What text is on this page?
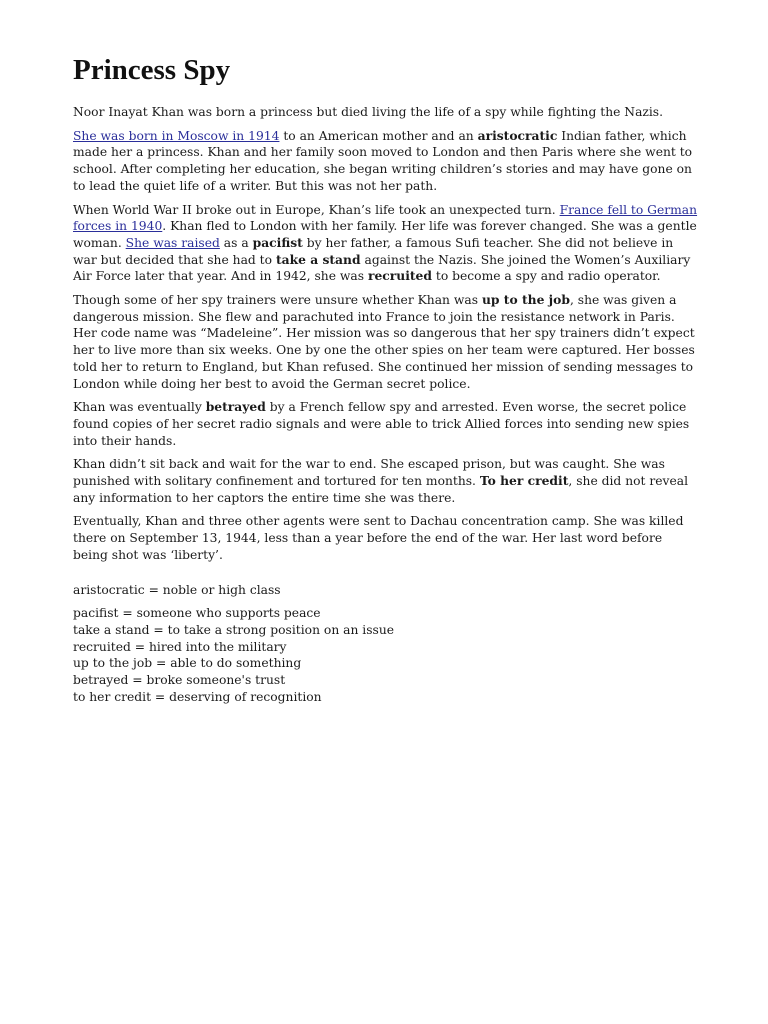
Princess Spy

Noor Inayat Khan was born a princess but died living the life of a spy while fighting the Nazis.

She was born in Moscow in 1914 to an American mother and an aristocratic Indian father, which made her a princess. Khan and her family soon moved to London and then Paris where she went to school. After completing her education, she began writing children’s stories and may have gone on to lead the quiet life of a writer. But this was not her path.

When World War II broke out in Europe, Khan’s life took an unexpected turn. France fell to German forces in 1940. Khan fled to London with her family. Her life was forever changed. She was a gentle woman. She was raised as a pacifist by her father, a famous Sufi teacher. She did not believe in war but decided that she had to take a stand against the Nazis. She joined the Women’s Auxiliary Air Force later that year. And in 1942, she was recruited to become a spy and radio operator.

Though some of her spy trainers were unsure whether Khan was up to the job, she was given a dangerous mission. She flew and parachuted into France to join the resistance network in Paris. Her code name was “Madeleine”. Her mission was so dangerous that her spy trainers didn’t expect her to live more than six weeks. One by one the other spies on her team were captured. Her bosses told her to return to England, but Khan refused. She continued her mission of sending messages to London while doing her best to avoid the German secret police.

Khan was eventually betrayed by a French fellow spy and arrested. Even worse, the secret police found copies of her secret radio signals and were able to trick Allied forces into sending new spies into their hands.

Khan didn’t sit back and wait for the war to end. She escaped prison, but was caught. She was punished with solitary confinement and tortured for ten months. To her credit, she did not reveal any information to her captors the entire time she was there.

Eventually, Khan and three other agents were sent to Dachau concentration camp. She was killed there on September 13, 1944, less than a year before the end of the war. Her last word before being shot was ‘liberty’.

aristocratic = noble or high class

pacifist = someone who supports peace
take a stand = to take a strong position on an issue
recruited = hired into the military
up to the job = able to do something
betrayed = broke someone's trust
to her credit = deserving of recognition
